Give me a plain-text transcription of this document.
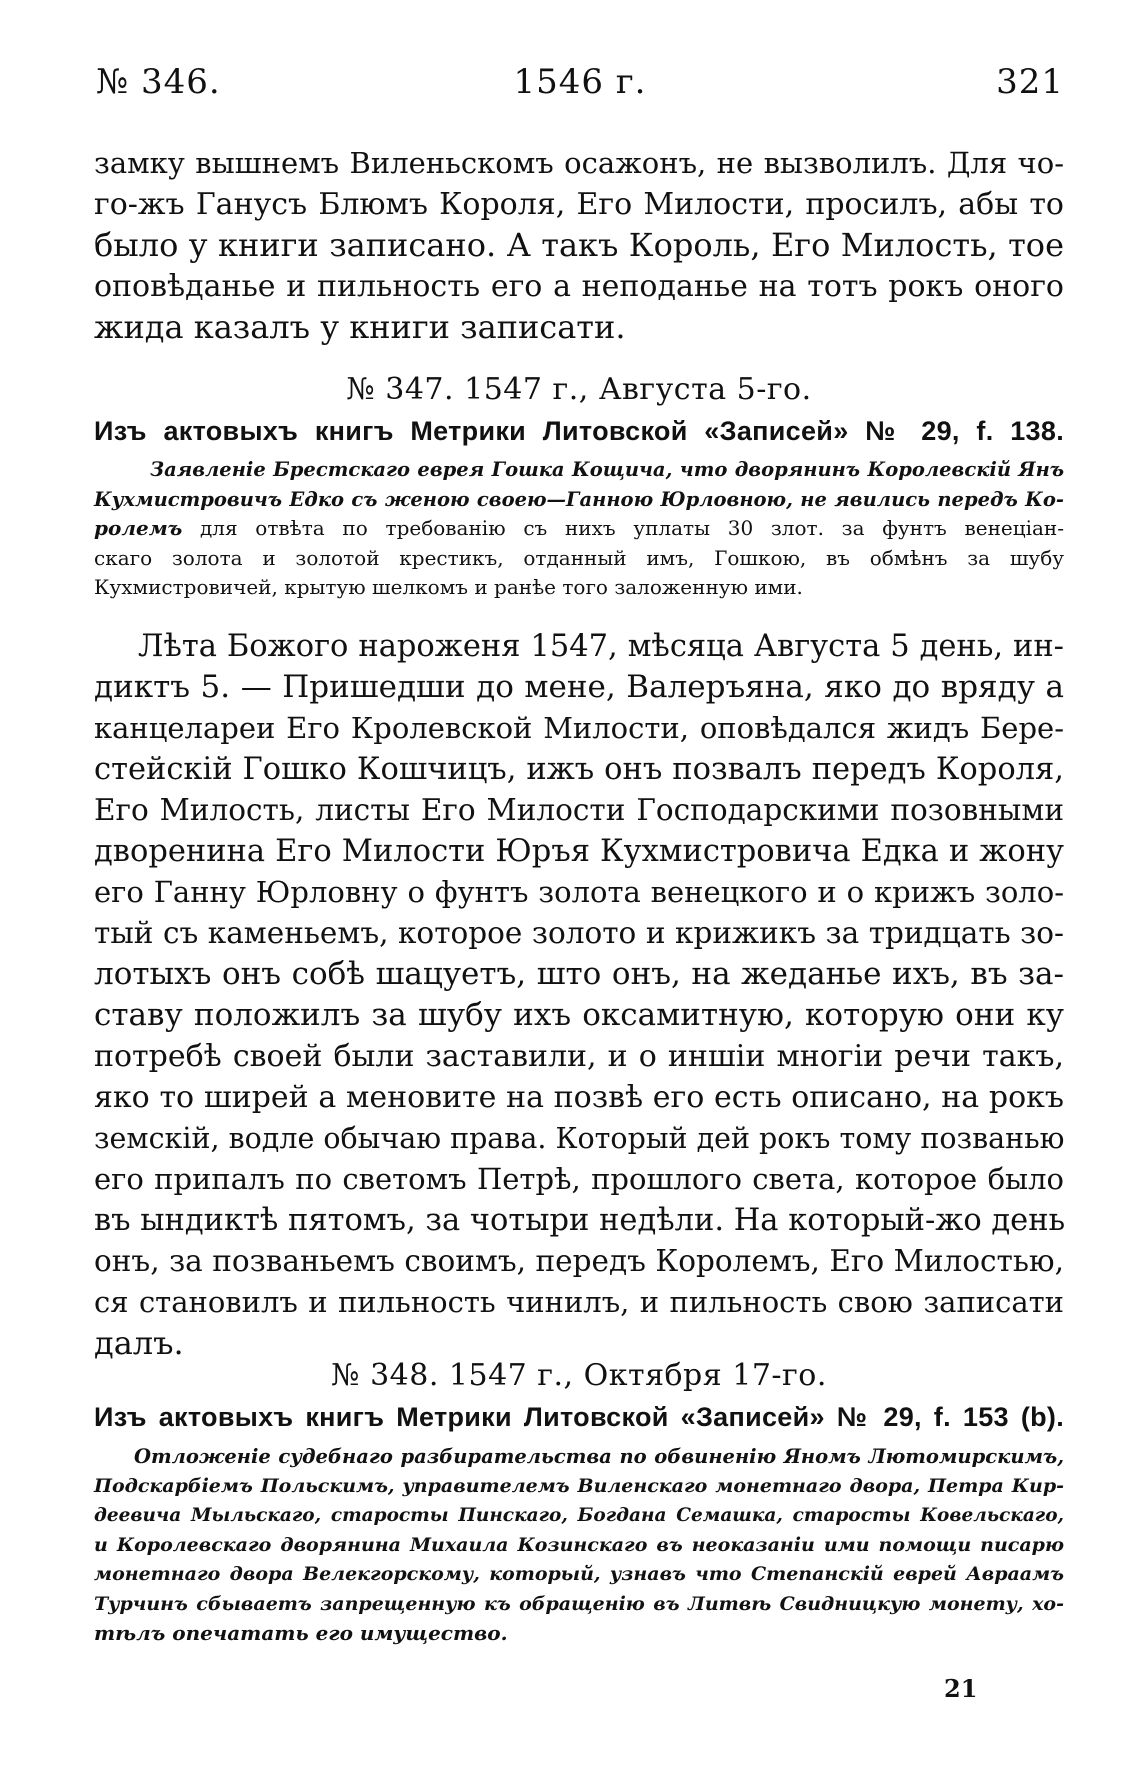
№ 346.	1546 г.	321
замку вышнемъ Виленьскомъ осажонъ, не вызволилъ. Для чо-
го-жъ Ганусъ Блюмъ Короля, Его Милости, просилъ, абы то
было у книги записано. А такъ Король, Его Милость, тое
оповѣданье и пильность его а неподанье на тотъ рокъ оного
жида казалъ у книги записати.
№ 347. 1547 г., Августа 5-го.
Изъ актовыхъ книгъ Метрики Литовской «Записей» № 29, f. 138.
Заявленіе Брестскаго еврея Гошка Кощича, что дворянинъ Королевскій Янъ
Кухмистровичъ Едко съ женою своею—Ганною Юрловною, не явились передъ Ко-
ролемъ для отвѣта по требованію съ нихъ уплаты 30 злот. за фунтъ венеціан-
скаго золота и золотой крестикъ, отданный имъ, Гошкою, въ обмѣнъ за шубу
Кухмистровичей, крытую шелкомъ и ранѣе того заложенную ими.
Лѣта Божого нароженя 1547, мѣсяца Августа 5 день, ин-
диктъ 5. — Пришедши до мене, Валеръяна, яко до вряду а
канцелареи Его Кролевской Милости, оповѣдался жидъ Бере-
стейскій Гошко Кошчицъ, ижъ онъ позвалъ передъ Короля,
Его Милость, листы Его Милости Господарскими позовными
дворенина Его Милости Юръя Кухмистровича Едка и жону
его Ганну Юрловну о фунтъ золота венецкого и о крижъ золо-
тый съ каменьемъ, которое золото и крижикъ за тридцать зо-
лотыхъ онъ собѣ шацуетъ, што онъ, на жеданье ихъ, въ за-
ставу положилъ за шубу ихъ оксамитную, которую они ку
потребѣ своей были заставили, и о иншіи многіи речи такъ,
яко то ширей а меновите на позвѣ его есть описано, на рокъ
земскій, водле обычаю права. Который дей рокъ тому позванью
его припалъ по светомъ Петрѣ, прошлого света, которое было
въ ындиктѣ пятомъ, за чотыри недѣли. На который-жо день
онъ, за позваньемъ своимъ, передъ Королемъ, Его Милостью,
ся становилъ и пильность чинилъ, и пильность свою записати
далъ.
№ 348. 1547 г., Октября 17-го.
Изъ актовыхъ книгъ Метрики Литовской «Записей» № 29, f. 153 (b).
Отложеніе судебнаго разбирательства по обвиненію Яномъ Лютомирскимъ,
Подскарбіемъ Польскимъ, управителемъ Виленскаго монетнаго двора, Петра Кир-
деевича Мыльскаго, старосты Пинскаго, Богдана Семашка, старосты Ковельскаго,
и Королевскаго дворянина Михаила Козинскаго въ неоказаніи ими помощи писарю
монетнаго двора Велекгорскому, который, узнавъ что Степанскій еврей Авраамъ
Турчинъ сбываетъ запрещенную къ обращенію въ Литвѣ Свидницкую монету, хо-
тѣлъ опечатать его имущество.
21
